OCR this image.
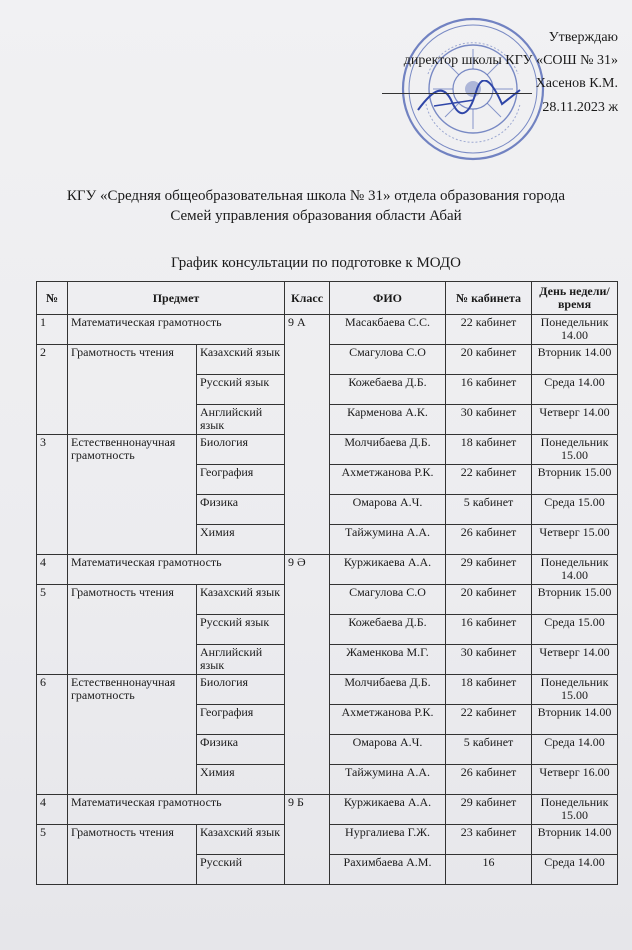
Утверждаю
директор школы КГУ «СОШ № 31»
Хасенов К.М.
28.11.2023 ж
КГУ «Средняя общеобразовательная школа № 31» отдела образования города
Семей управления образования области Абай
График консультации по подготовке к МОДО
№	Предмет		Класс	ФИО	№ кабинета	День недели/ время
1	Математическая грамотность		9 А	Масакбаева С.С.	22 кабинет	Понедельник 14.00
2	Грамотность чтения	Казахский язык		Смагулова С.О	20 кабинет	Вторник 14.00
		Русский язык		Кожебаева Д.Б.	16 кабинет	Среда 14.00
		Английский язык		Карменова А.К.	30 кабинет	Четверг 14.00
3	Естественнонаучная грамотность	Биология		Молчибаева Д.Б.	18 кабинет	Понедельник 15.00
		География		Ахметжанова Р.К.	22 кабинет	Вторник 15.00
		Физика		Омарова А.Ч.	5 кабинет	Среда 15.00
		Химия		Тайжумина А.А.	26 кабинет	Четверг 15.00
4	Математическая грамотность		9 Ә	Куржикаева А.А.	29 кабинет	Понедельник 14.00
5	Грамотность чтения	Казахский язык		Смагулова С.О	20 кабинет	Вторник 15.00
		Русский язык		Кожебаева Д.Б.	16 кабинет	Среда 15.00
		Английский язык		Жаменкова М.Г.	30 кабинет	Четверг 14.00
6	Естественнонаучная грамотность	Биология		Молчибаева Д.Б.	18 кабинет	Понедельник 15.00
		География		Ахметжанова Р.К.	22 кабинет	Вторник 14.00
		Физика		Омарова А.Ч.	5 кабинет	Среда 14.00
		Химия		Тайжумина А.А.	26 кабинет	Четверг 16.00
4	Математическая грамотность		9 Б	Куржикаева А.А.	29 кабинет	Понедельник 15.00
5	Грамотность чтения	Казахский язык		Нургалиева Г.Ж.	23 кабинет	Вторник 14.00
		Русский		Рахимбаева А.М.	16	Среда 14.00
